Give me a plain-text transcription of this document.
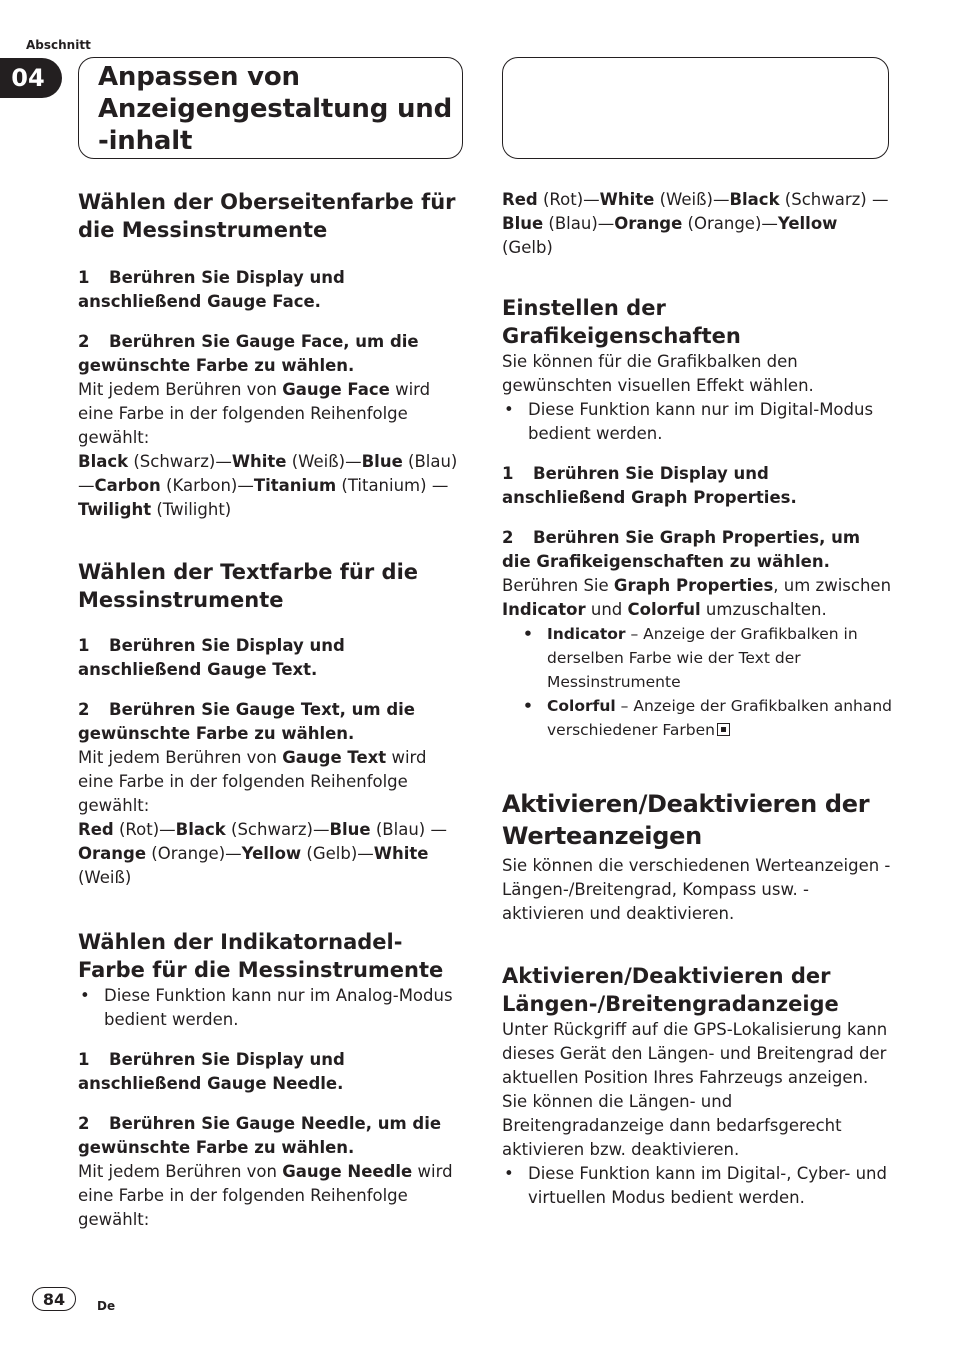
Abschnitt
04	Anpassen von
Anzeigengestaltung und
-inhalt
Wählen der Oberseitenfarbe für die Messinstrumente

1 Berühren Sie Display und anschließend Gauge Face.

2 Berühren Sie Gauge Face, um die gewünschte Farbe zu wählen.

Mit jedem Berühren von Gauge Face wird eine Farbe in der folgenden Reihenfolge gewählt:

Black (Schwarz)—White (Weiß)—Blue (Blau) —Carbon (Karbon)—Titanium (Titanium) —Twilight (Twilight)

Wählen der Textfarbe für die Messinstrumente

1 Berühren Sie Display und anschließend Gauge Text.

2 Berühren Sie Gauge Text, um die gewünschte Farbe zu wählen.

Mit jedem Berühren von Gauge Text wird eine Farbe in der folgenden Reihenfolge gewählt:

Red (Rot)—Black (Schwarz)—Blue (Blau) —Orange (Orange)—Yellow (Gelb)—White (Weiß)

Wählen der Indikatornadel-Farbe für die Messinstrumente

• Diese Funktion kann nur im Analog-Modus bedient werden.

1 Berühren Sie Display und anschließend Gauge Needle.

2 Berühren Sie Gauge Needle, um die gewünschte Farbe zu wählen.

Mit jedem Berühren von Gauge Needle wird eine Farbe in der folgenden Reihenfolge gewählt:

Red (Rot)—White (Weiß)—Black (Schwarz) —Blue (Blau)—Orange (Orange)—Yellow (Gelb)

Einstellen der Grafikeigenschaften

Sie können für die Grafikbalken den gewünschten visuellen Effekt wählen.

• Diese Funktion kann nur im Digital-Modus bedient werden.

1 Berühren Sie Display und anschließend Graph Properties.

2 Berühren Sie Graph Properties, um die Grafikeigenschaften zu wählen.

Berühren Sie Graph Properties, um zwischen Indicator und Colorful umzuschalten.

• Indicator – Anzeige der Grafikbalken in derselben Farbe wie der Text der Messinstrumente

• Colorful – Anzeige der Grafikbalken anhand verschiedener Farben

Aktivieren/Deaktivieren der Werteanzeigen

Sie können die verschiedenen Werteanzeigen - Längen-/Breitengrad, Kompass usw. - aktivieren und deaktivieren.

Aktivieren/Deaktivieren der Längen-/Breitengradanzeige

Unter Rückgriff auf die GPS-Lokalisierung kann dieses Gerät den Längen- und Breitengrad der aktuellen Position Ihres Fahrzeugs anzeigen. Sie können die Längen- und Breitengradanzeige dann bedarfsgerecht aktivieren bzw. deaktivieren.

• Diese Funktion kann im Digital-, Cyber- und virtuellen Modus bedient werden.

84	De
